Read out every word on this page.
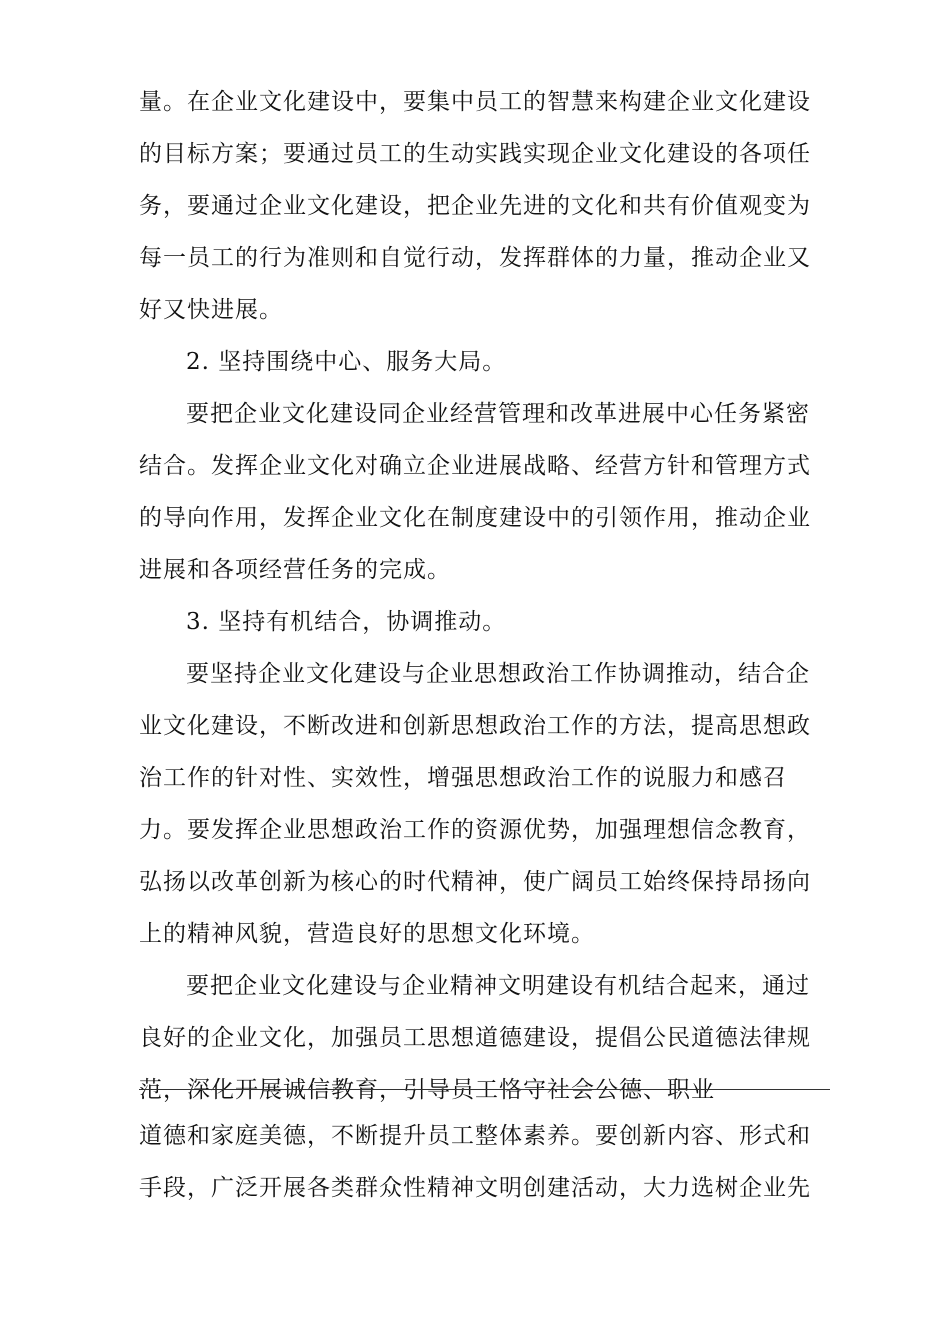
量。在企业文化建设中，要集中员工的智慧来构建企业文化建设
的目标方案；要通过员工的生动实践实现企业文化建设的各项任
务，要通过企业文化建设，把企业先进的文化和共有价值观变为
每一员工的行为准则和自觉行动，发挥群体的力量，推动企业又
好又快进展。
2. 坚持围绕中心、服务大局。
要把企业文化建设同企业经营管理和改革进展中心任务紧密
结合。发挥企业文化对确立企业进展战略、经营方针和管理方式
的导向作用，发挥企业文化在制度建设中的引领作用，推动企业
进展和各项经营任务的完成。
3. 坚持有机结合，协调推动。
要坚持企业文化建设与企业思想政治工作协调推动，结合企
业文化建设，不断改进和创新思想政治工作的方法，提高思想政
治工作的针对性、实效性，增强思想政治工作的说服力和感召
力。要发挥企业思想政治工作的资源优势，加强理想信念教育，
弘扬以改革创新为核心的时代精神，使广阔员工始终保持昂扬向
上的精神风貌，营造良好的思想文化环境。
要把企业文化建设与企业精神文明建设有机结合起来，通过
良好的企业文化，加强员工思想道德建设，提倡公民道德法律规
范，深化开展诚信教育，引导员工恪守社会公德、职业
道德和家庭美德，不断提升员工整体素养。要创新内容、形式和
手段，广泛开展各类群众性精神文明创建活动，大力选树企业先
